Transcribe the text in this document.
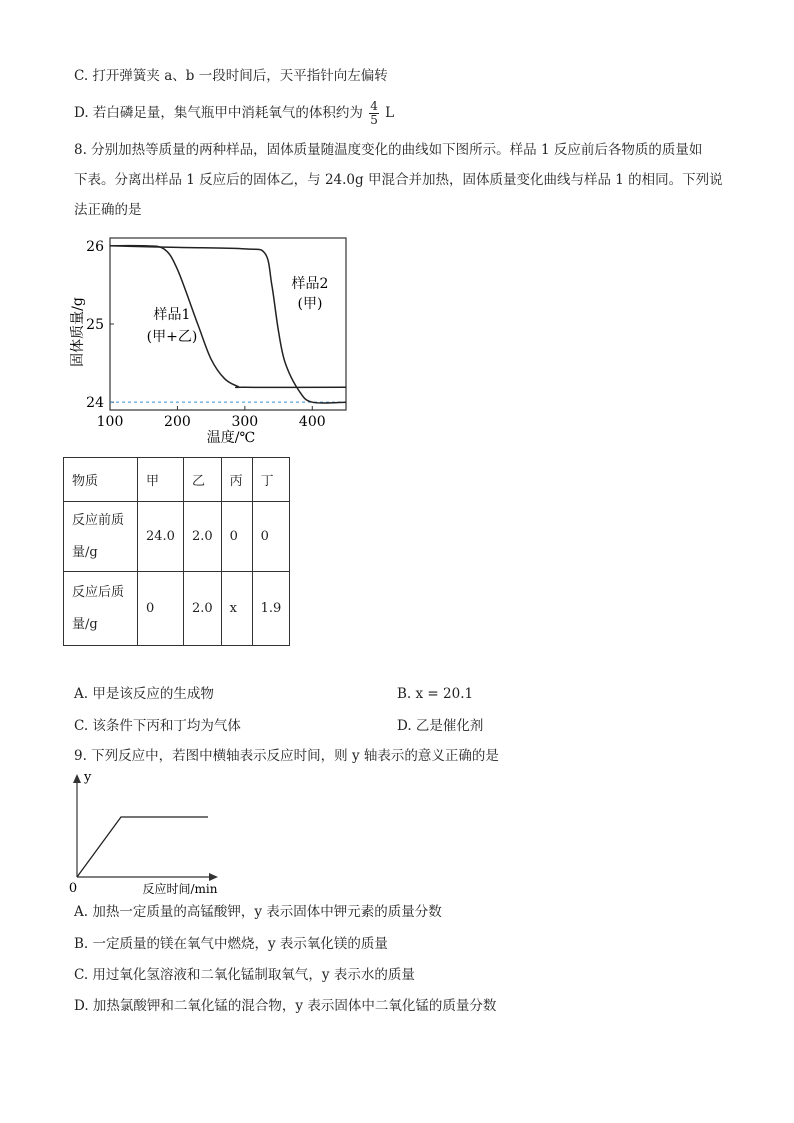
C. 打开弹簧夹 a、b 一段时间后，天平指针向左偏转
D. 若白磷足量，集气瓶甲中消耗氧气的体积约为 $\frac{4}{5}$ L
8. 分别加热等质量的两种样品，固体质量随温度变化的曲线如下图所示。样品 1 反应前后各物质的质量如
下表。分离出样品 1 反应后的固体乙，与 24.0g 甲混合并加热，固体质量变化曲线与样品 1 的相同。下列说
法正确的是
100	200	300	400
24
25
26
固体质量/g
温度/℃
样品1
(甲+乙)
样品2
(甲)
物质	甲	乙	丙	丁
反应前质
量/g	24.0	2.0	0	0
反应后质
量/g	0	2.0	x	1.9
A. 甲是该反应的生成物	B. x = 20.1
C. 该条件下丙和丁均为气体	D. 乙是催化剂
9. 下列反应中，若图中横轴表示反应时间，则 y 轴表示的意义正确的是
y
0	反应时间/min
A. 加热一定质量的高锰酸钾，y 表示固体中钾元素的质量分数
B. 一定质量的镁在氧气中燃烧，y 表示氧化镁的质量
C. 用过氧化氢溶液和二氧化锰制取氧气，y 表示水的质量
D. 加热氯酸钾和二氧化锰的混合物，y 表示固体中二氧化锰的质量分数
